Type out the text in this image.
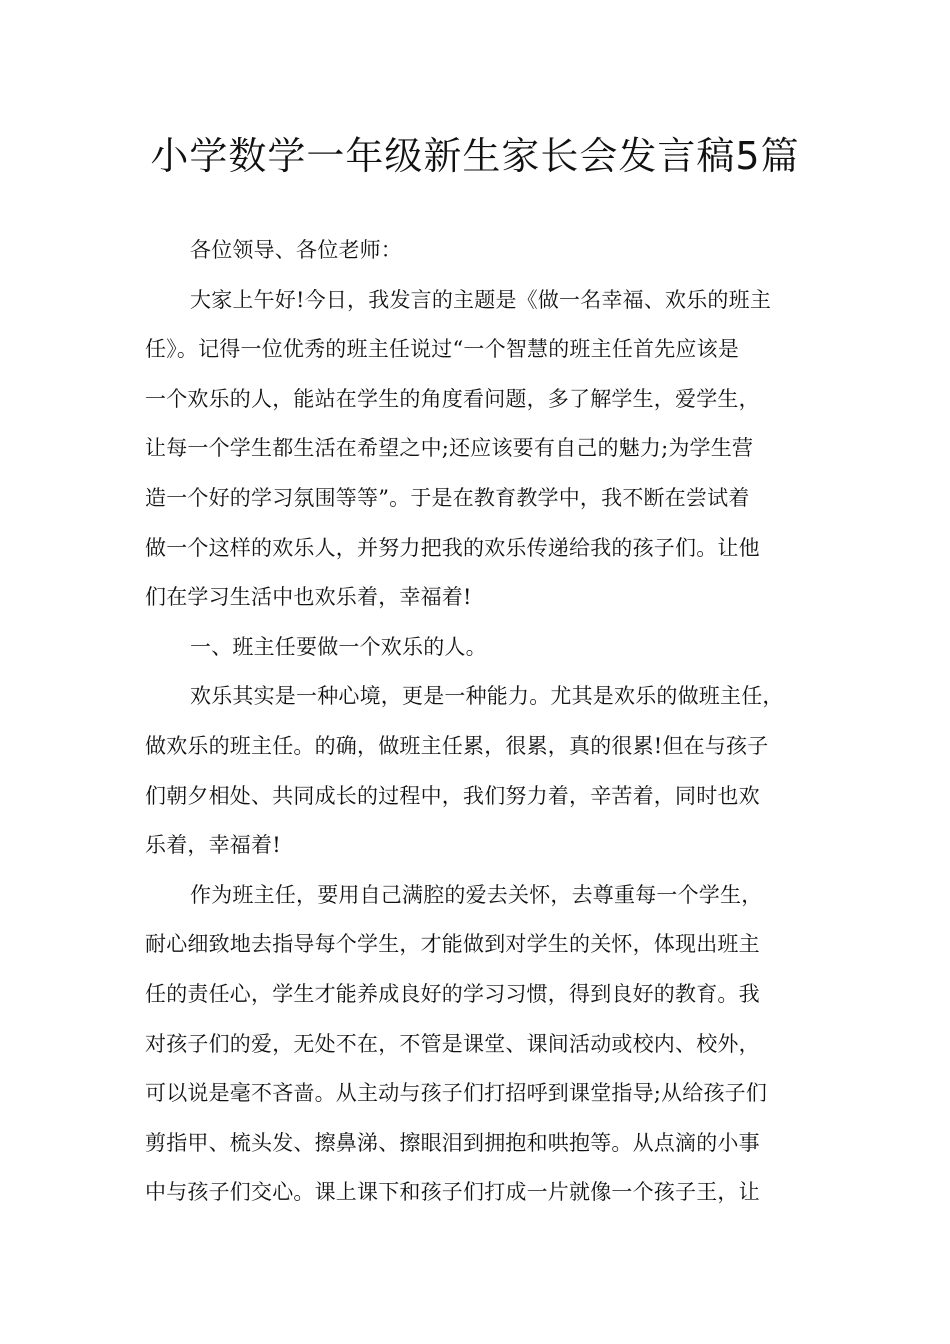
小学数学一年级新生家长会发言稿5篇
各位领导、各位老师：
大家上午好!今日，我发言的主题是《做一名幸福、欢乐的班主
任》。记得一位优秀的班主任说过“一个智慧的班主任首先应该是
一个欢乐的人，能站在学生的角度看问题，多了解学生，爱学生，
让每一个学生都生活在希望之中;还应该要有自己的魅力;为学生营
造一个好的学习氛围等等”。于是在教育教学中，我不断在尝试着
做一个这样的欢乐人，并努力把我的欢乐传递给我的孩子们。让他
们在学习生活中也欢乐着，幸福着!
一、班主任要做一个欢乐的人。
欢乐其实是一种心境，更是一种能力。尤其是欢乐的做班主任，
做欢乐的班主任。的确，做班主任累，很累，真的很累!但在与孩子
们朝夕相处、共同成长的过程中，我们努力着，辛苦着，同时也欢
乐着，幸福着!
作为班主任，要用自己满腔的爱去关怀，去尊重每一个学生，
耐心细致地去指导每个学生，才能做到对学生的关怀，体现出班主
任的责任心，学生才能养成良好的学习习惯，得到良好的教育。我
对孩子们的爱，无处不在，不管是课堂、课间活动或校内、校外，
可以说是毫不吝啬。从主动与孩子们打招呼到课堂指导;从给孩子们
剪指甲、梳头发、擦鼻涕、擦眼泪到拥抱和哄抱等。从点滴的小事
中与孩子们交心。课上课下和孩子们打成一片就像一个孩子王，让
